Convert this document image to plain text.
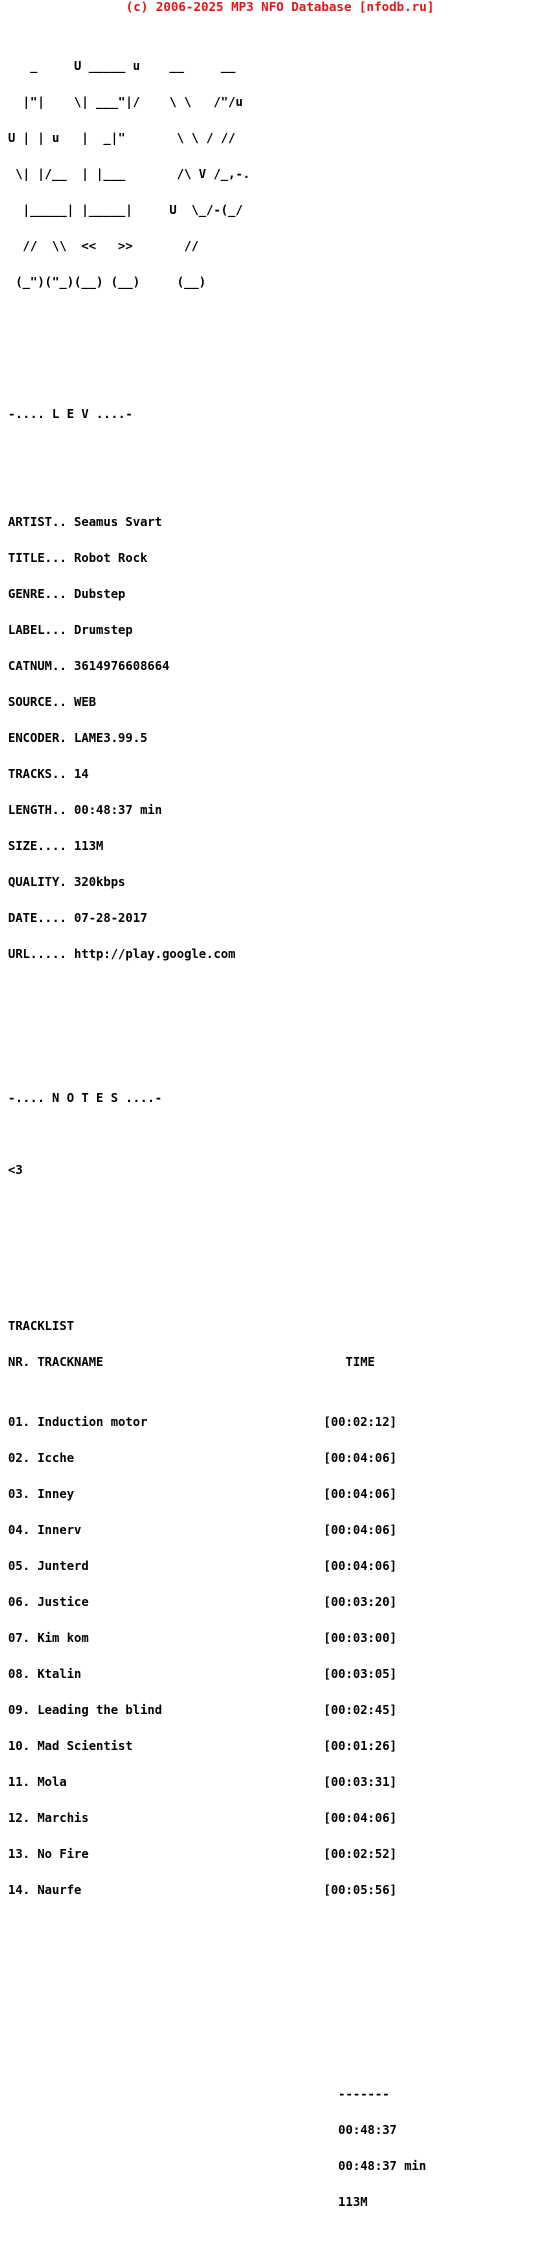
(c) 2006-2025 MP3 NFO Database [nfodb.ru]

_     U _____ u    __     __

|"|    \| ___"|/    \ \   /"/u

U | | u   |  _|"       \ \ / //

\| |/__  | |___       /\ V /_,-.

|_____| |_____|     U  \_/-(_/

//  \\  <<   >>       //

(_")("_)(__) (__)     (__)

-.... L E V ....-

ARTIST.. Seamus Svart

TITLE... Robot Rock

GENRE... Dubstep

LABEL... Drumstep

CATNUM.. 3614976608664

SOURCE.. WEB

ENCODER. LAME3.99.5

TRACKS.. 14

LENGTH.. 00:48:37 min

SIZE.... 113M

QUALITY. 320kbps

DATE.... 07-28-2017

URL..... http://play.google.com

-.... N O T E S ....-

<3

TRACKLIST

NR. TRACKNAME                                 TIME

01. Induction motor                        [00:02:12]

02. Icche                                  [00:04:06]

03. Inney                                  [00:04:06]

04. Innerv                                 [00:04:06]

05. Junterd                                [00:04:06]

06. Justice                                [00:03:20]

07. Kim kom                                [00:03:00]

08. Ktalin                                 [00:03:05]

09. Leading the blind                      [00:02:45]

10. Mad Scientist                          [00:01:26]

11. Mola                                   [00:03:31]

12. Marchis                                [00:04:06]

13. No Fire                                [00:02:52]

14. Naurfe                                 [00:05:56]

-------

00:48:37

00:48:37 min

113M
